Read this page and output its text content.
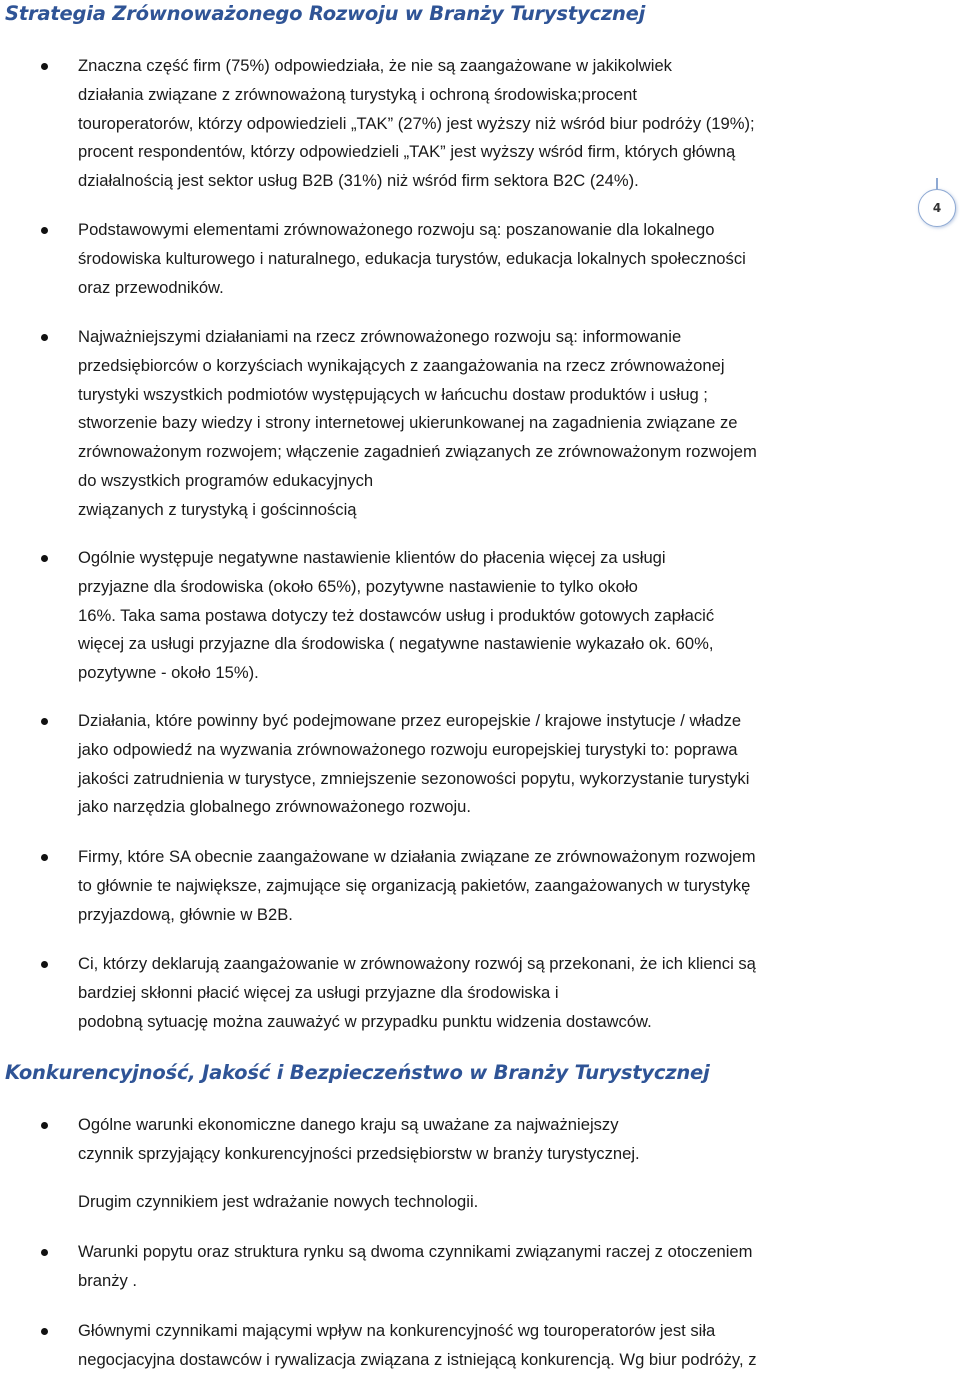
Strategia Zrównoważonego Rozwoju w Branży Turystycznej
4
Znaczna część firm (75%) odpowiedziała, że nie są zaangażowane w jakikolwiek
działania związane z zrównoważoną turystyką i ochroną środowiska;procent
touroperatorów, którzy odpowiedzieli „TAK” (27%) jest wyższy niż wśród biur podróży (19%);
procent respondentów, którzy odpowiedzieli „TAK” jest wyższy wśród firm, których główną
działalnością jest sektor usług B2B (31%) niż wśród firm sektora B2C (24%).
Podstawowymi elementami zrównoważonego rozwoju są: poszanowanie dla lokalnego
środowiska kulturowego i naturalnego, edukacja turystów, edukacja lokalnych społeczności
oraz przewodników.
Najważniejszymi działaniami na rzecz zrównoważonego rozwoju są: informowanie
przedsiębiorców o korzyściach wynikających z zaangażowania na rzecz zrównoważonej
turystyki wszystkich podmiotów występujących w łańcuchu dostaw produktów i usług ;
stworzenie bazy wiedzy i strony internetowej ukierunkowanej na zagadnienia związane ze
zrównoważonym rozwojem; włączenie zagadnień związanych ze zrównoważonym rozwojem
do wszystkich programów edukacyjnych
związanych z turystyką i gościnnością
Ogólnie występuje negatywne nastawienie klientów do płacenia więcej za usługi
przyjazne dla środowiska (około 65%), pozytywne nastawienie to tylko około
16%. Taka sama postawa dotyczy też dostawców usług i produktów gotowych zapłacić
więcej za usługi przyjazne dla środowiska ( negatywne nastawienie wykazało ok. 60%,
pozytywne - około 15%).
Działania, które powinny być podejmowane przez europejskie / krajowe instytucje / władze
jako odpowiedź na wyzwania zrównoważonego rozwoju europejskiej turystyki to: poprawa
jakości zatrudnienia w turystyce, zmniejszenie sezonowości popytu, wykorzystanie turystyki
jako narzędzia globalnego zrównoważonego rozwoju.
Firmy, które SA obecnie zaangażowane w działania związane ze zrównoważonym rozwojem
to głównie te największe, zajmujące się organizacją pakietów, zaangażowanych w turystykę
przyjazdową, głównie w B2B.
Ci, którzy deklarują zaangażowanie w zrównoważony rozwój są przekonani, że ich klienci są
bardziej skłonni płacić więcej za usługi przyjazne dla środowiska i
podobną sytuację można zauważyć w przypadku punktu widzenia dostawców.
Konkurencyjność, Jakość i Bezpieczeństwo w Branży Turystycznej
Ogólne warunki ekonomiczne danego kraju są uważane za najważniejszy
czynnik sprzyjający konkurencyjności przedsiębiorstw w branży turystycznej.
Drugim czynnikiem jest wdrażanie nowych technologii.
Warunki popytu oraz struktura rynku są dwoma czynnikami związanymi raczej z otoczeniem
branży .
Głównymi czynnikami mającymi wpływ na konkurencyjność wg touroperatorów jest siła
negocjacyjna dostawców i rywalizacja związana z istniejącą konkurencją. Wg biur podróży, z
